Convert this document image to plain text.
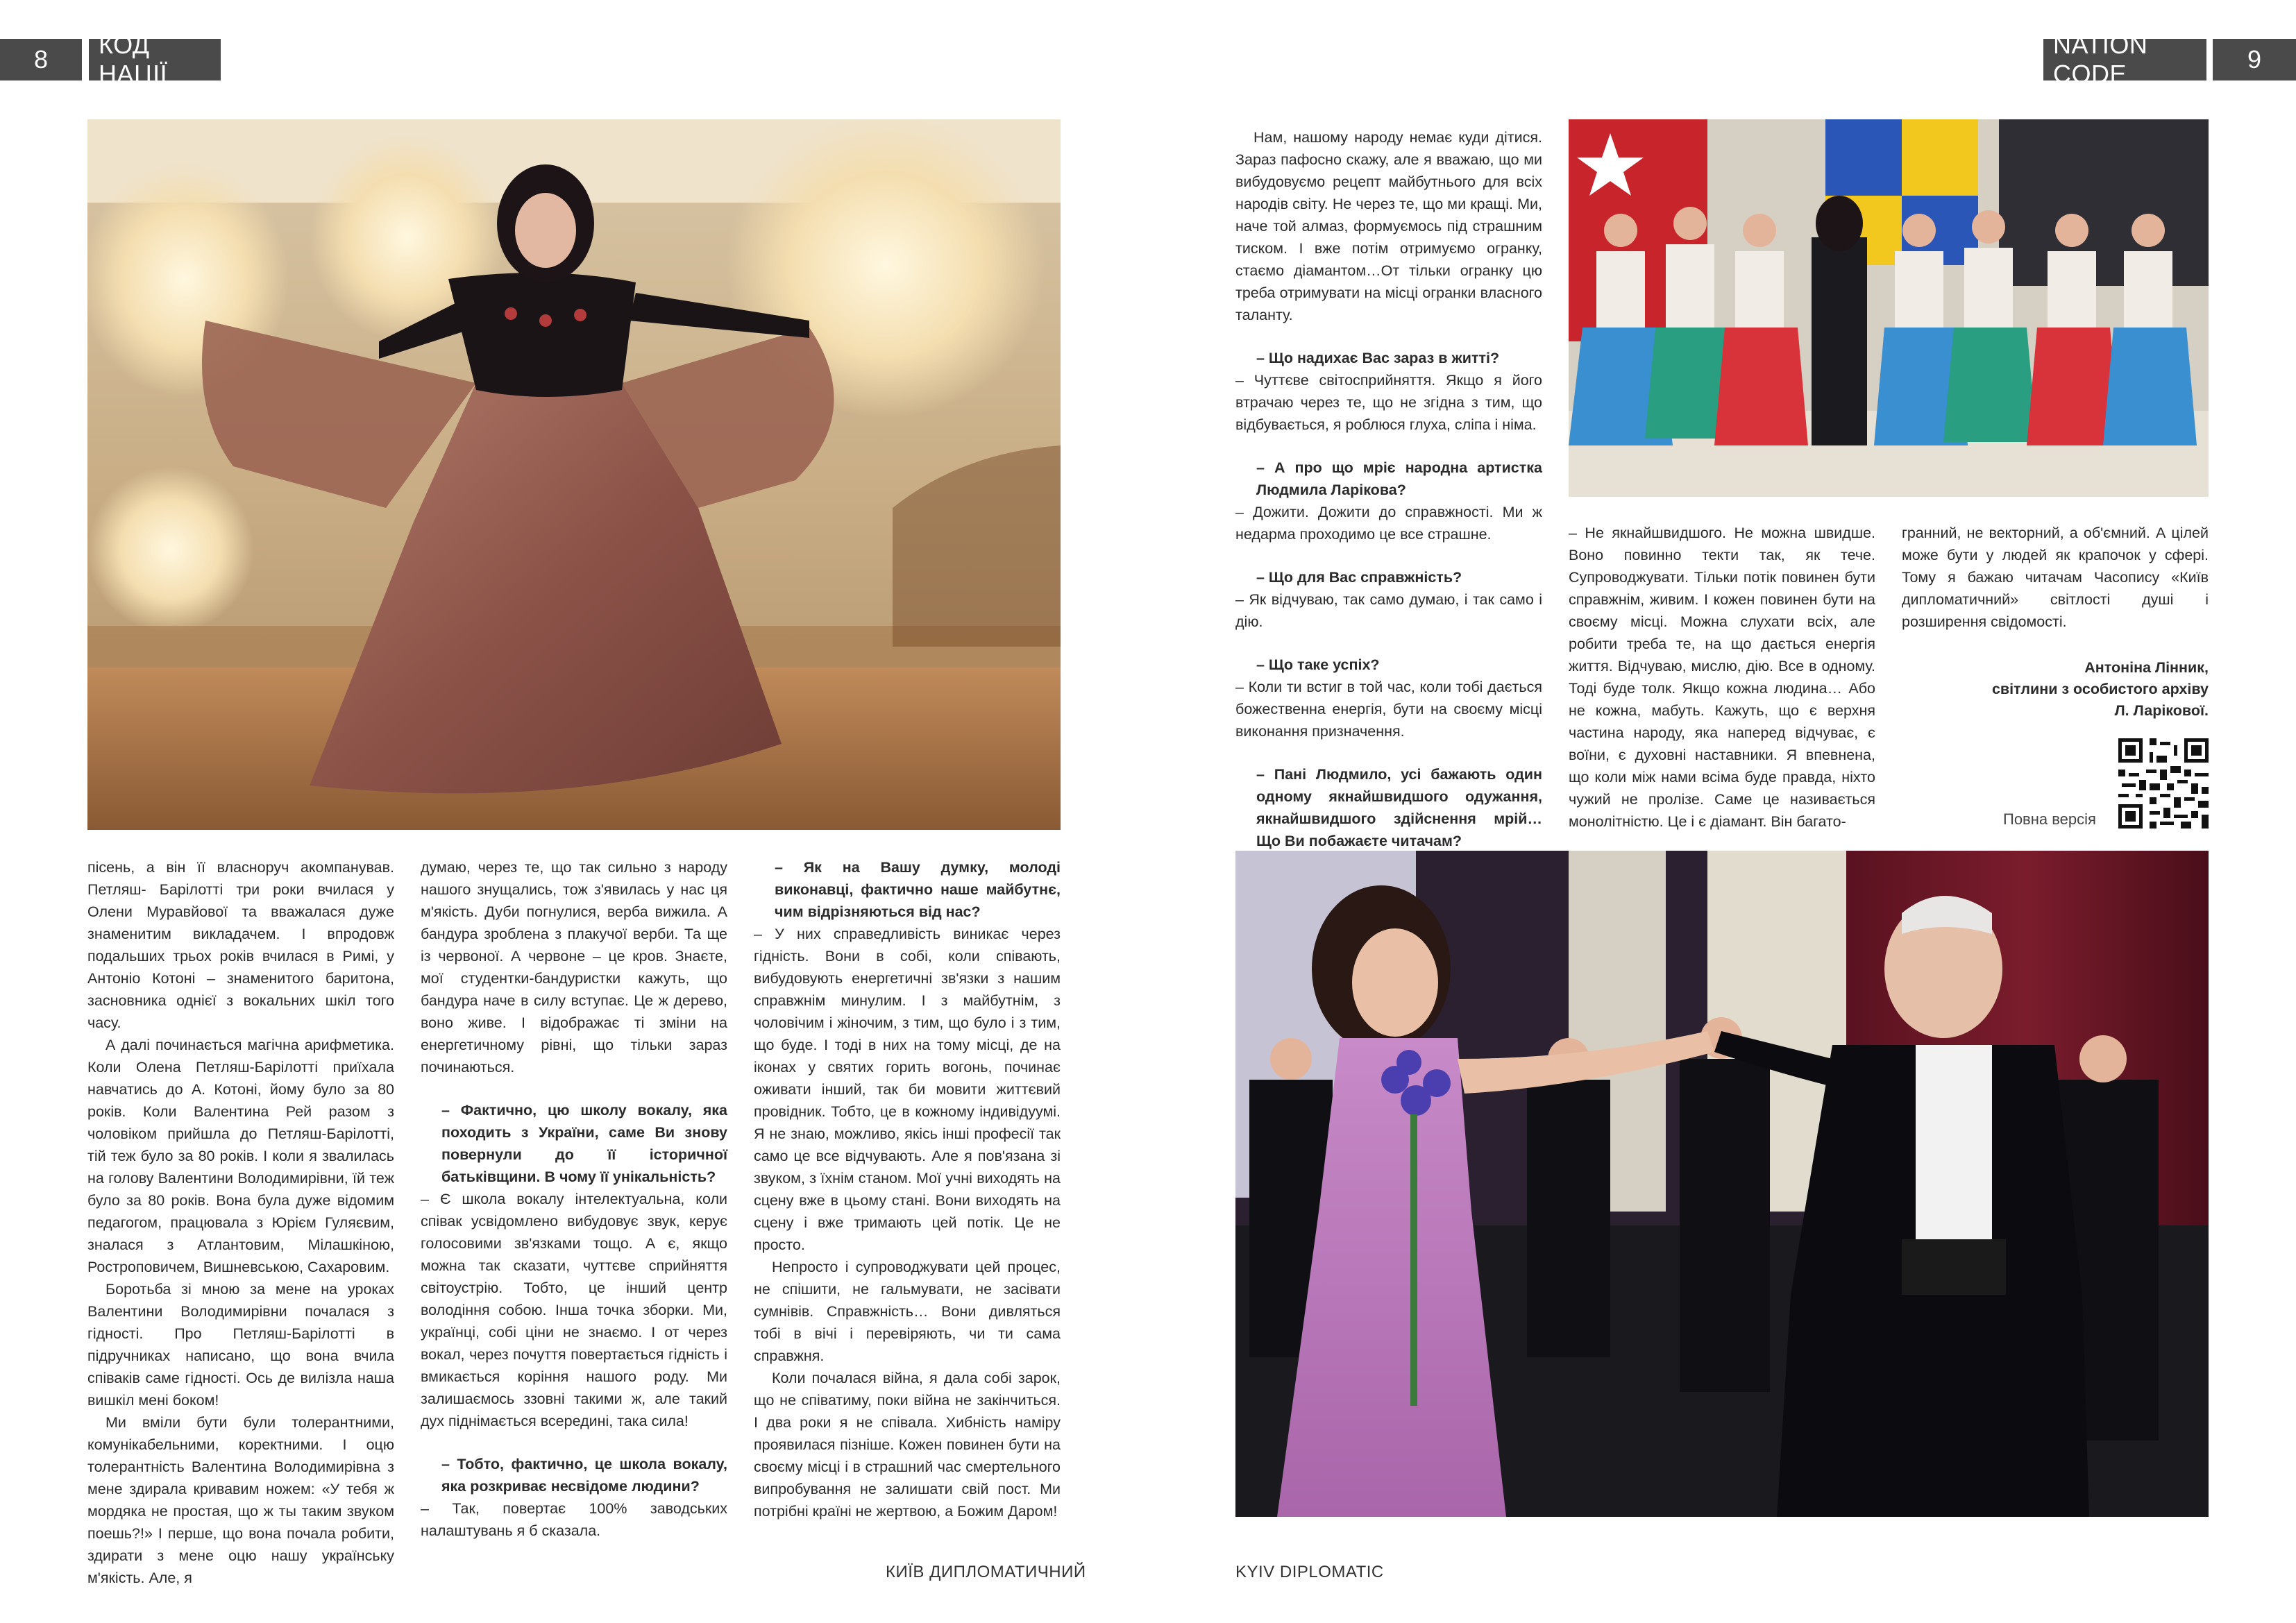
8
КОД НАЦІЇ
NATION CODE
9

пісень, а він її власноруч акомпанував. Петляш- Барілотті три роки вчилася у Олени Муравйової та вважалася дуже знаменитим викладачем. І впродовж подальших трьох років вчилася в Римі, у Антоніо Котоні – знаменитого баритона, засновника однієї з вокальних шкіл того часу.

А далі починається магічна арифметика. Коли Олена Петляш-Барілотті приїхала навчатись до А. Котоні, йому було за 80 років. Коли Валентина Рей разом з чоловіком прийшла до Петляш-Барілотті, тій теж було за 80 років. І коли я звалилась на голову Валентини Володимирівни, їй теж було за 80 років. Вона була дуже відомим педагогом, працювала з Юрієм Гуляєвим, зналася з Атлантовим, Мілашкіною, Ростроповичем, Вишневською, Сахаровим.

Боротьба зі мною за мене на уроках Валентини Володимирівни почалася з гідності. Про Петляш-Барілотті в підручниках написано, що вона вчила співаків саме гідності. Ось де вилізла наша вишкіл мені боком!

Ми вміли бути були толерантними, комунікабельними, коректними. І оцю толерантність Валентина Володимирівна з мене здирала кривавим ножем: «У тебя ж мордяка не простая, що ж ты таким звуком поешь?!» І перше, що вона почала робити, здирати з мене оцю нашу українську м'якість. Але, я

думаю, через те, що так сильно з народу нашого знущались, тож з'явилась у нас ця м'якість. Дуби погнулися, верба вижила. А бандура зроблена з плакучої верби. Та ще із червоної. А червоне – це кров. Знаєте, мої студентки-бандуристки кажуть, що бандура наче в силу вступає. Це ж дерево, воно живе. І відображає ті зміни на енергетичному рівні, що тільки зараз починаються.

– Фактично, цю школу вокалу, яка походить з України, саме Ви знову повернули до її історичної батьківщини. В чому її унікальність?

– Є школа вокалу інтелектуальна, коли співак усвідомлено вибудовує звук, керує голосовими зв'язками тощо. А є, якщо можна так сказати, чуттєве сприйняття світоустрію. Тобто, це інший центр володіння собою. Інша точка зборки. Ми, українці, собі ціни не знаємо. І от через вокал, через почуття повертається гідність і вмикається коріння нашого роду. Ми залишаємось ззовні такими ж, але такий дух піднімається всередині, така сила!

– Тобто, фактично, це школа вокалу, яка розкриває несвідоме людини?

– Так, повертає 100% заводських налаштувань я б сказала.

– Як на Вашу думку, молоді виконавці, фактично наше майбутнє, чим відрізняються від нас?

– У них справедливість виникає через гідність. Вони в собі, коли співають, вибудовують енергетичні зв'язки з нашим справжнім минулим. І з майбутнім, з чоловічим і жіночим, з тим, що було і з тим, що буде. І тоді в них на тому місці, де на іконах у святих горить вогонь, починає оживати інший, так би мовити життєвий провідник. Тобто, це в кожному індивідуумі. Я не знаю, можливо, якісь інші професії так само це все відчувають. Але я пов'язана зі звуком, з їхнім станом. Мої учні виходять на сцену вже в цьому стані. Вони виходять на сцену і вже тримають цей потік. Це не просто.

Непросто і супроводжувати цей процес, не спішити, не гальмувати, не засівати сумнівів. Справжність… Вони дивляться тобі в вічі і перевіряють, чи ти сама справжня.

Коли почалася війна, я дала собі зарок, що не співатиму, поки війна не закінчиться. І два роки я не співала. Хибність наміру проявилася пізніше. Кожен повинен бути на своєму місці і в страшний час смертельного випробування не залишати свій пост. Ми потрібні країні не жертвою, а Божим Даром!

Нам, нашому народу немає куди дітися. Зараз пафосно скажу, але я вважаю, що ми вибудовуємо рецепт майбутнього для всіх народів світу. Не через те, що ми кращі. Ми, наче той алмаз, формуємось під страшним тиском. І вже потім отримуємо огранку, стаємо діамантом…От тільки огранку цю треба отримувати на місці огранки власного таланту.

– Що надихає Вас зараз в житті?

– Чуттєве світосприйняття. Якщо я його втрачаю через те, що не згідна з тим, що відбувається, я роблюся глуха, сліпа і німа.

– А про що мріє народна артистка Людмила Ларікова?

– Дожити. Дожити до справжності. Ми ж недарма проходимо це все страшне.

– Що для Вас справжність?

– Як відчуваю, так само думаю, і так само і дію.

– Що таке успіх?

– Коли ти встиг в той час, коли тобі дається божественна енергія, бути на своєму місці виконання призначення.

– Пані Людмило, усі бажають один одному якнайшвидшого одужання, якнайшвидшого здійснення мрій… Що Ви побажаєте читачам?

– Не якнайшвидшого. Не можна швидше. Воно повинно текти так, як тече. Супроводжувати. Тільки потік повинен бути справжнім, живим. І кожен повинен бути на своєму місці. Можна слухати всіх, але робити треба те, на що дається енергія життя. Відчуваю, мислю, дію. Все в одному. Тоді буде толк. Якщо кожна людина… Або не кожна, мабуть. Кажуть, що є верхня частина народу, яка наперед відчуває, є воїни, є духовні наставники. Я впевнена, що коли між нами всіма буде правда, ніхто чужий не пролізе. Саме це називається монолітністю. Це і є діамант. Він багато-

гранний, не векторний, а об'ємний. А цілей може бути у людей як крапочок у сфері. Тому я бажаю читачам Часопису «Київ дипломатичний» світлості душі і розширення свідомості.

Антоніна Лінник,
світлини з особистого архіву
Л. Ларікової.
Повна версія
КИЇВ ДИПЛОМАТИЧНИЙ	KYIV DIPLOMATIC
